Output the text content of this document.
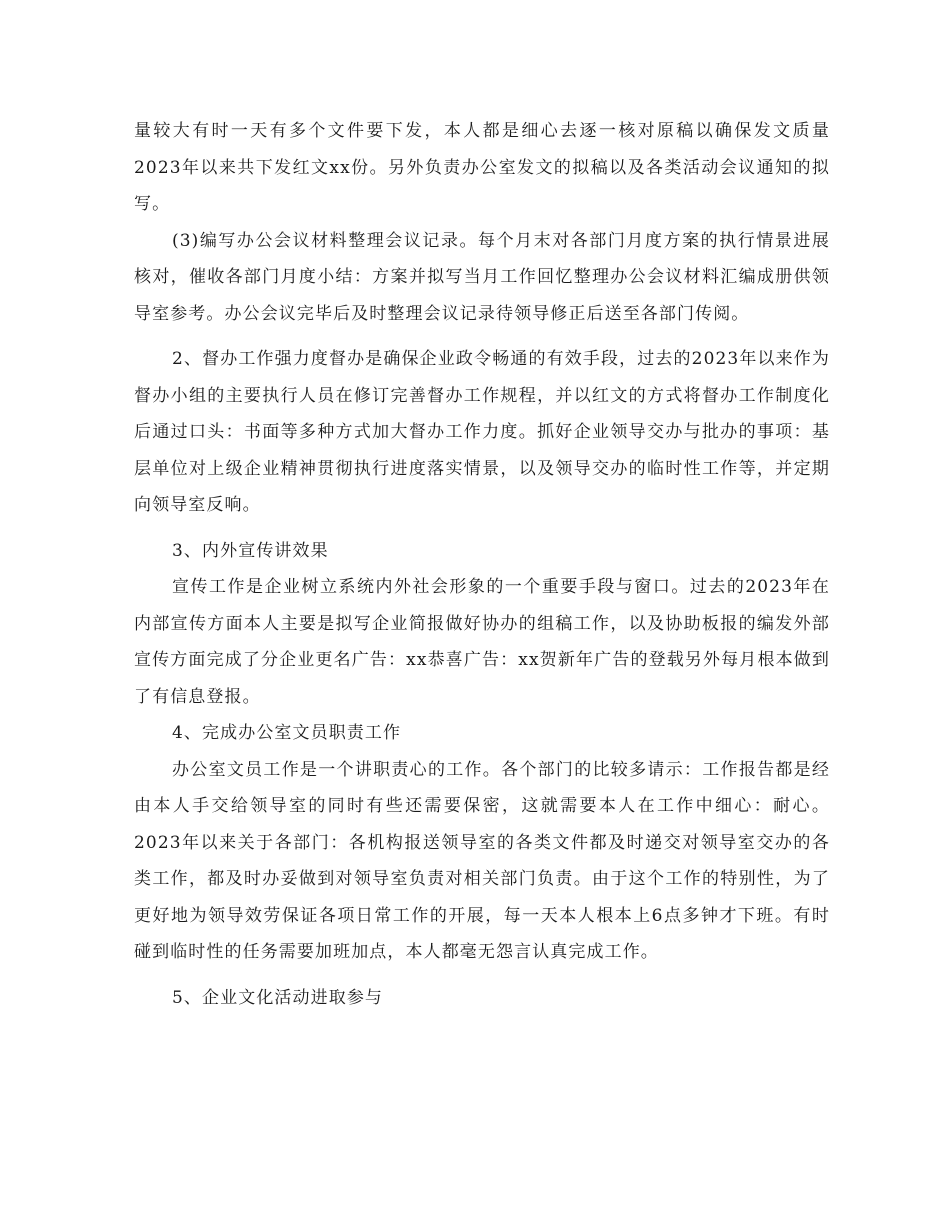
量较大有时一天有多个文件要下发，本人都是细心去逐一核对原稿以确保发文质量2023年以来共下发红文xx份。另外负责办公室发文的拟稿以及各类活动会议通知的拟写。

(3)编写办公会议材料整理会议记录。每个月末对各部门月度方案的执行情景进展核对，催收各部门月度小结：方案并拟写当月工作回忆整理办公会议材料汇编成册供领导室参考。办公会议完毕后及时整理会议记录待领导修正后送至各部门传阅。

2、督办工作强力度督办是确保企业政令畅通的有效手段，过去的2023年以来作为督办小组的主要执行人员在修订完善督办工作规程，并以红文的方式将督办工作制度化后通过口头：书面等多种方式加大督办工作力度。抓好企业领导交办与批办的事项：基层单位对上级企业精神贯彻执行进度落实情景，以及领导交办的临时性工作等，并定期向领导室反响。

3、内外宣传讲效果

宣传工作是企业树立系统内外社会形象的一个重要手段与窗口。过去的2023年在内部宣传方面本人主要是拟写企业简报做好协办的组稿工作，以及协助板报的编发外部宣传方面完成了分企业更名广告：xx恭喜广告：xx贺新年广告的登载另外每月根本做到了有信息登报。

4、完成办公室文员职责工作

办公室文员工作是一个讲职责心的工作。各个部门的比较多请示：工作报告都是经由本人手交给领导室的同时有些还需要保密，这就需要本人在工作中细心：耐心。2023年以来关于各部门：各机构报送领导室的各类文件都及时递交对领导室交办的各类工作，都及时办妥做到对领导室负责对相关部门负责。由于这个工作的特别性，为了更好地为领导效劳保证各项日常工作的开展，每一天本人根本上6点多钟才下班。有时碰到临时性的任务需要加班加点，本人都毫无怨言认真完成工作。

5、企业文化活动进取参与
